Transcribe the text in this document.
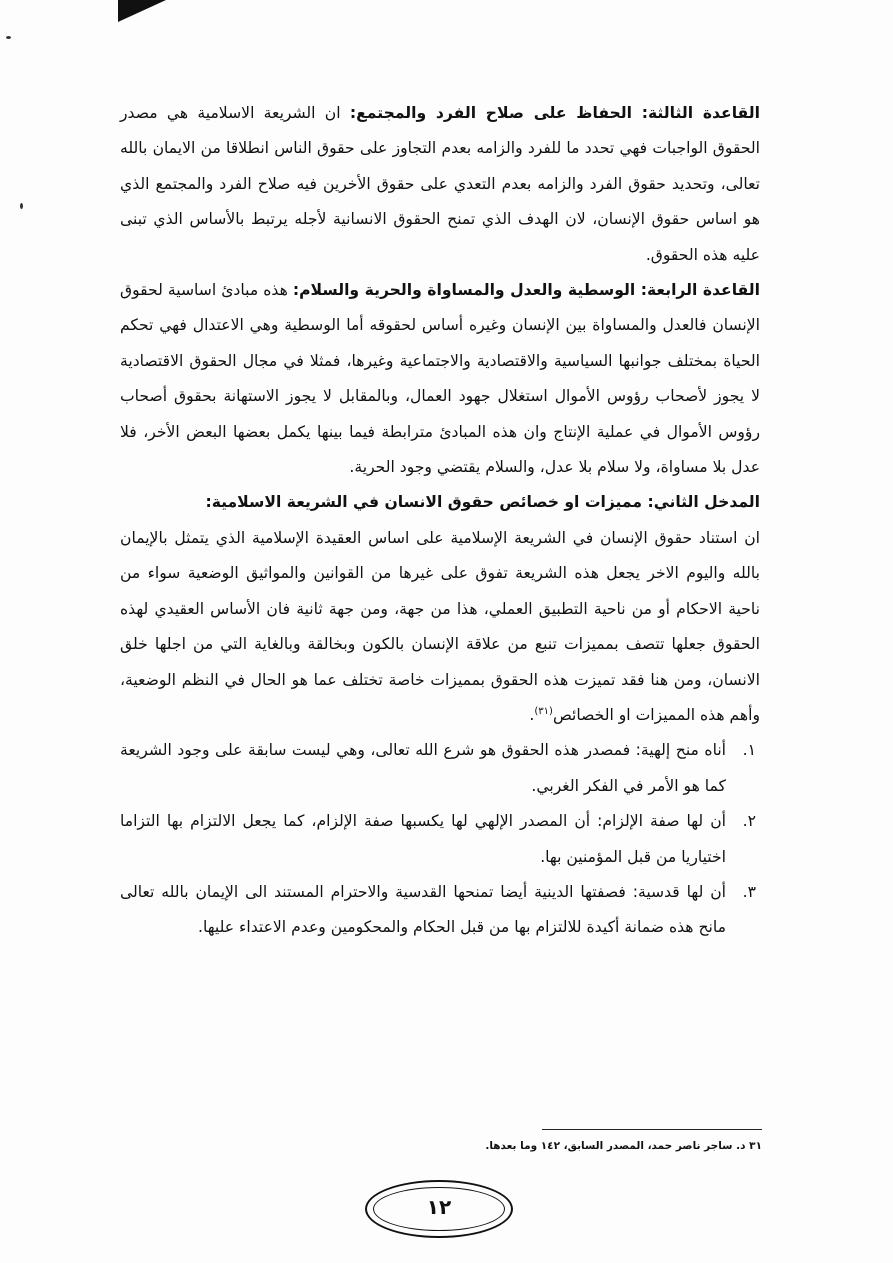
القاعدة الثالثة: الحفاظ على صلاح الفرد والمجتمع: ان الشريعة الاسلامية هي مصدر الحقوق الواجبات فهي تحدد ما للفرد والزامه بعدم التجاوز على حقوق الناس انطلاقا من الايمان بالله تعالى، وتحديد حقوق الفرد والزامه بعدم التعدي على حقوق الأخرين فيه صلاح الفرد والمجتمع الذي هو اساس حقوق الإنسان، لان الهدف الذي تمنح الحقوق الانسانية لأجله يرتبط بالأساس الذي تبنى عليه هذه الحقوق.

القاعدة الرابعة: الوسطية والعدل والمساواة والحرية والسلام: هذه مبادئ اساسية لحقوق الإنسان فالعدل والمساواة بين الإنسان وغيره أساس لحقوقه أما الوسطية وهي الاعتدال فهي تحكم الحياة بمختلف جوانبها السياسية والاقتصادية والاجتماعية وغيرها، فمثلا في مجال الحقوق الاقتصادية لا يجوز لأصحاب رؤوس الأموال استغلال جهود العمال، وبالمقابل لا يجوز الاستهانة بحقوق أصحاب رؤوس الأموال في عملية الإنتاج وان هذه المبادئ مترابطة فيما بينها يكمل بعضها البعض الأخر، فلا عدل بلا مساواة، ولا سلام بلا عدل، والسلام يقتضي وجود الحرية.

المدخل الثاني: مميزات او خصائص حقوق الانسان في الشريعة الاسلامية:

ان استناد حقوق الإنسان في الشريعة الإسلامية على اساس العقيدة الإسلامية الذي يتمثل بالإيمان بالله واليوم الاخر يجعل هذه الشريعة تفوق على غيرها من القوانين والمواثيق الوضعية سواء من ناحية الاحكام أو من ناحية التطبيق العملي، هذا من جهة، ومن جهة ثانية فان الأساس العقيدي لهذه الحقوق جعلها تتصف بمميزات تنبع من علاقة الإنسان بالكون وبخالقة وبالغاية التي من اجلها خلق الانسان، ومن هنا فقد تميزت هذه الحقوق بمميزات خاصة تختلف عما هو الحال في النظم الوضعية، وأهم هذه المميزات او الخصائص$^{(٣١)}$.

١.
أناه منح إلهية: فمصدر هذه الحقوق هو شرع الله تعالى، وهي ليست سابقة على وجود الشريعة كما هو الأمر في الفكر الغربي.

٢.
أن لها صفة الإلزام: أن المصدر الإلهي لها يكسبها صفة الإلزام، كما يجعل الالتزام بها التزاما اختياريا من قبل المؤمنين بها.

٣.
أن لها قدسية: فصفتها الدينية أيضا تمنحها القدسية والاحترام المستند الى الإيمان بالله تعالى مانح هذه ضمانة أكيدة للالتزام بها من قبل الحكام والمحكومين وعدم الاعتداء عليها.

٣١ د. ساجر ناصر حمد، المصدر السابق، ١٤٢ وما بعدها.
١٢
